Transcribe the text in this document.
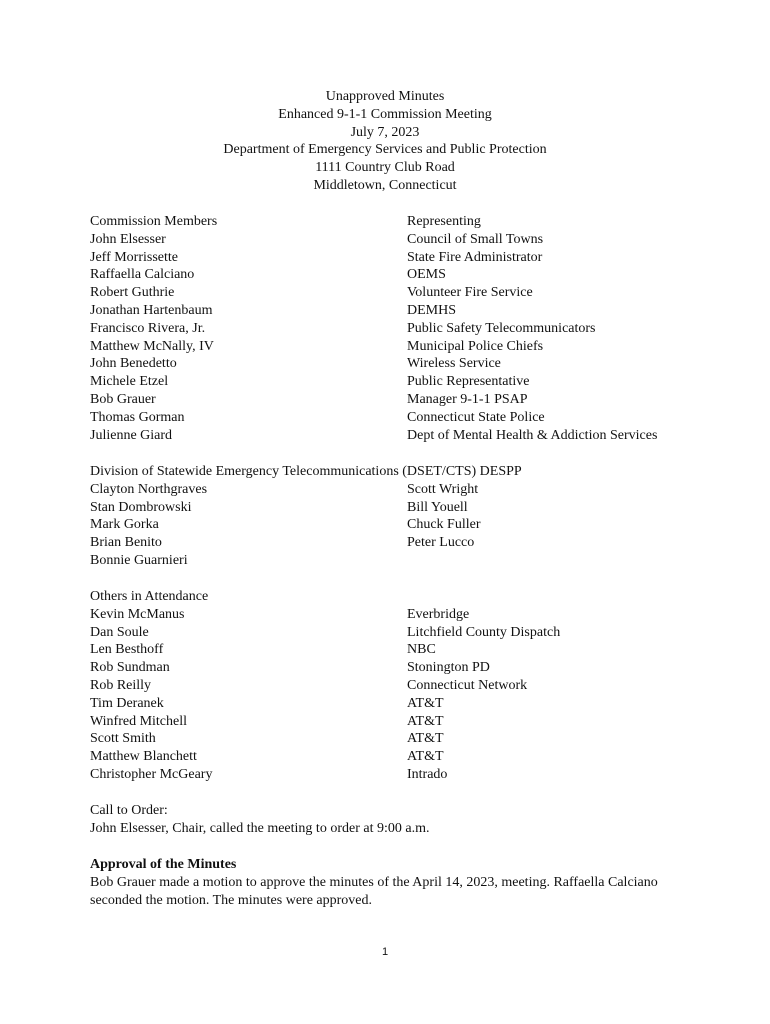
Unapproved Minutes
Enhanced 9-1-1 Commission Meeting
July 7, 2023
Department of Emergency Services and Public Protection
1111 Country Club Road
Middletown, Connecticut
Commission Members	Representing
John Elsesser	Council of Small Towns
Jeff Morrissette	State Fire Administrator
Raffaella Calciano	OEMS
Robert Guthrie	Volunteer Fire Service
Jonathan Hartenbaum	DEMHS
Francisco Rivera, Jr.	Public Safety Telecommunicators
Matthew McNally, IV	Municipal Police Chiefs
John Benedetto	Wireless Service
Michele Etzel	Public Representative
Bob Grauer	Manager 9-1-1 PSAP
Thomas Gorman	Connecticut State Police
Julienne Giard	Dept of Mental Health & Addiction Services
Division of Statewide Emergency Telecommunications (DSET/CTS) DESPP
Clayton Northgraves	Scott Wright
Stan Dombrowski	Bill Youell
Mark Gorka	Chuck Fuller
Brian Benito	Peter Lucco
Bonnie Guarnieri
Others in Attendance
Kevin McManus	Everbridge
Dan Soule	Litchfield County Dispatch
Len Besthoff	NBC
Rob Sundman	Stonington PD
Rob Reilly	Connecticut Network
Tim Deranek	AT&T
Winfred Mitchell	AT&T
Scott Smith	AT&T
Matthew Blanchett	AT&T
Christopher McGeary	Intrado
Call to Order:
John Elsesser, Chair, called the meeting to order at 9:00 a.m.
Approval of the Minutes
Bob Grauer made a motion to approve the minutes of the April 14, 2023, meeting. Raffaella Calciano seconded the motion. The minutes were approved.
1
